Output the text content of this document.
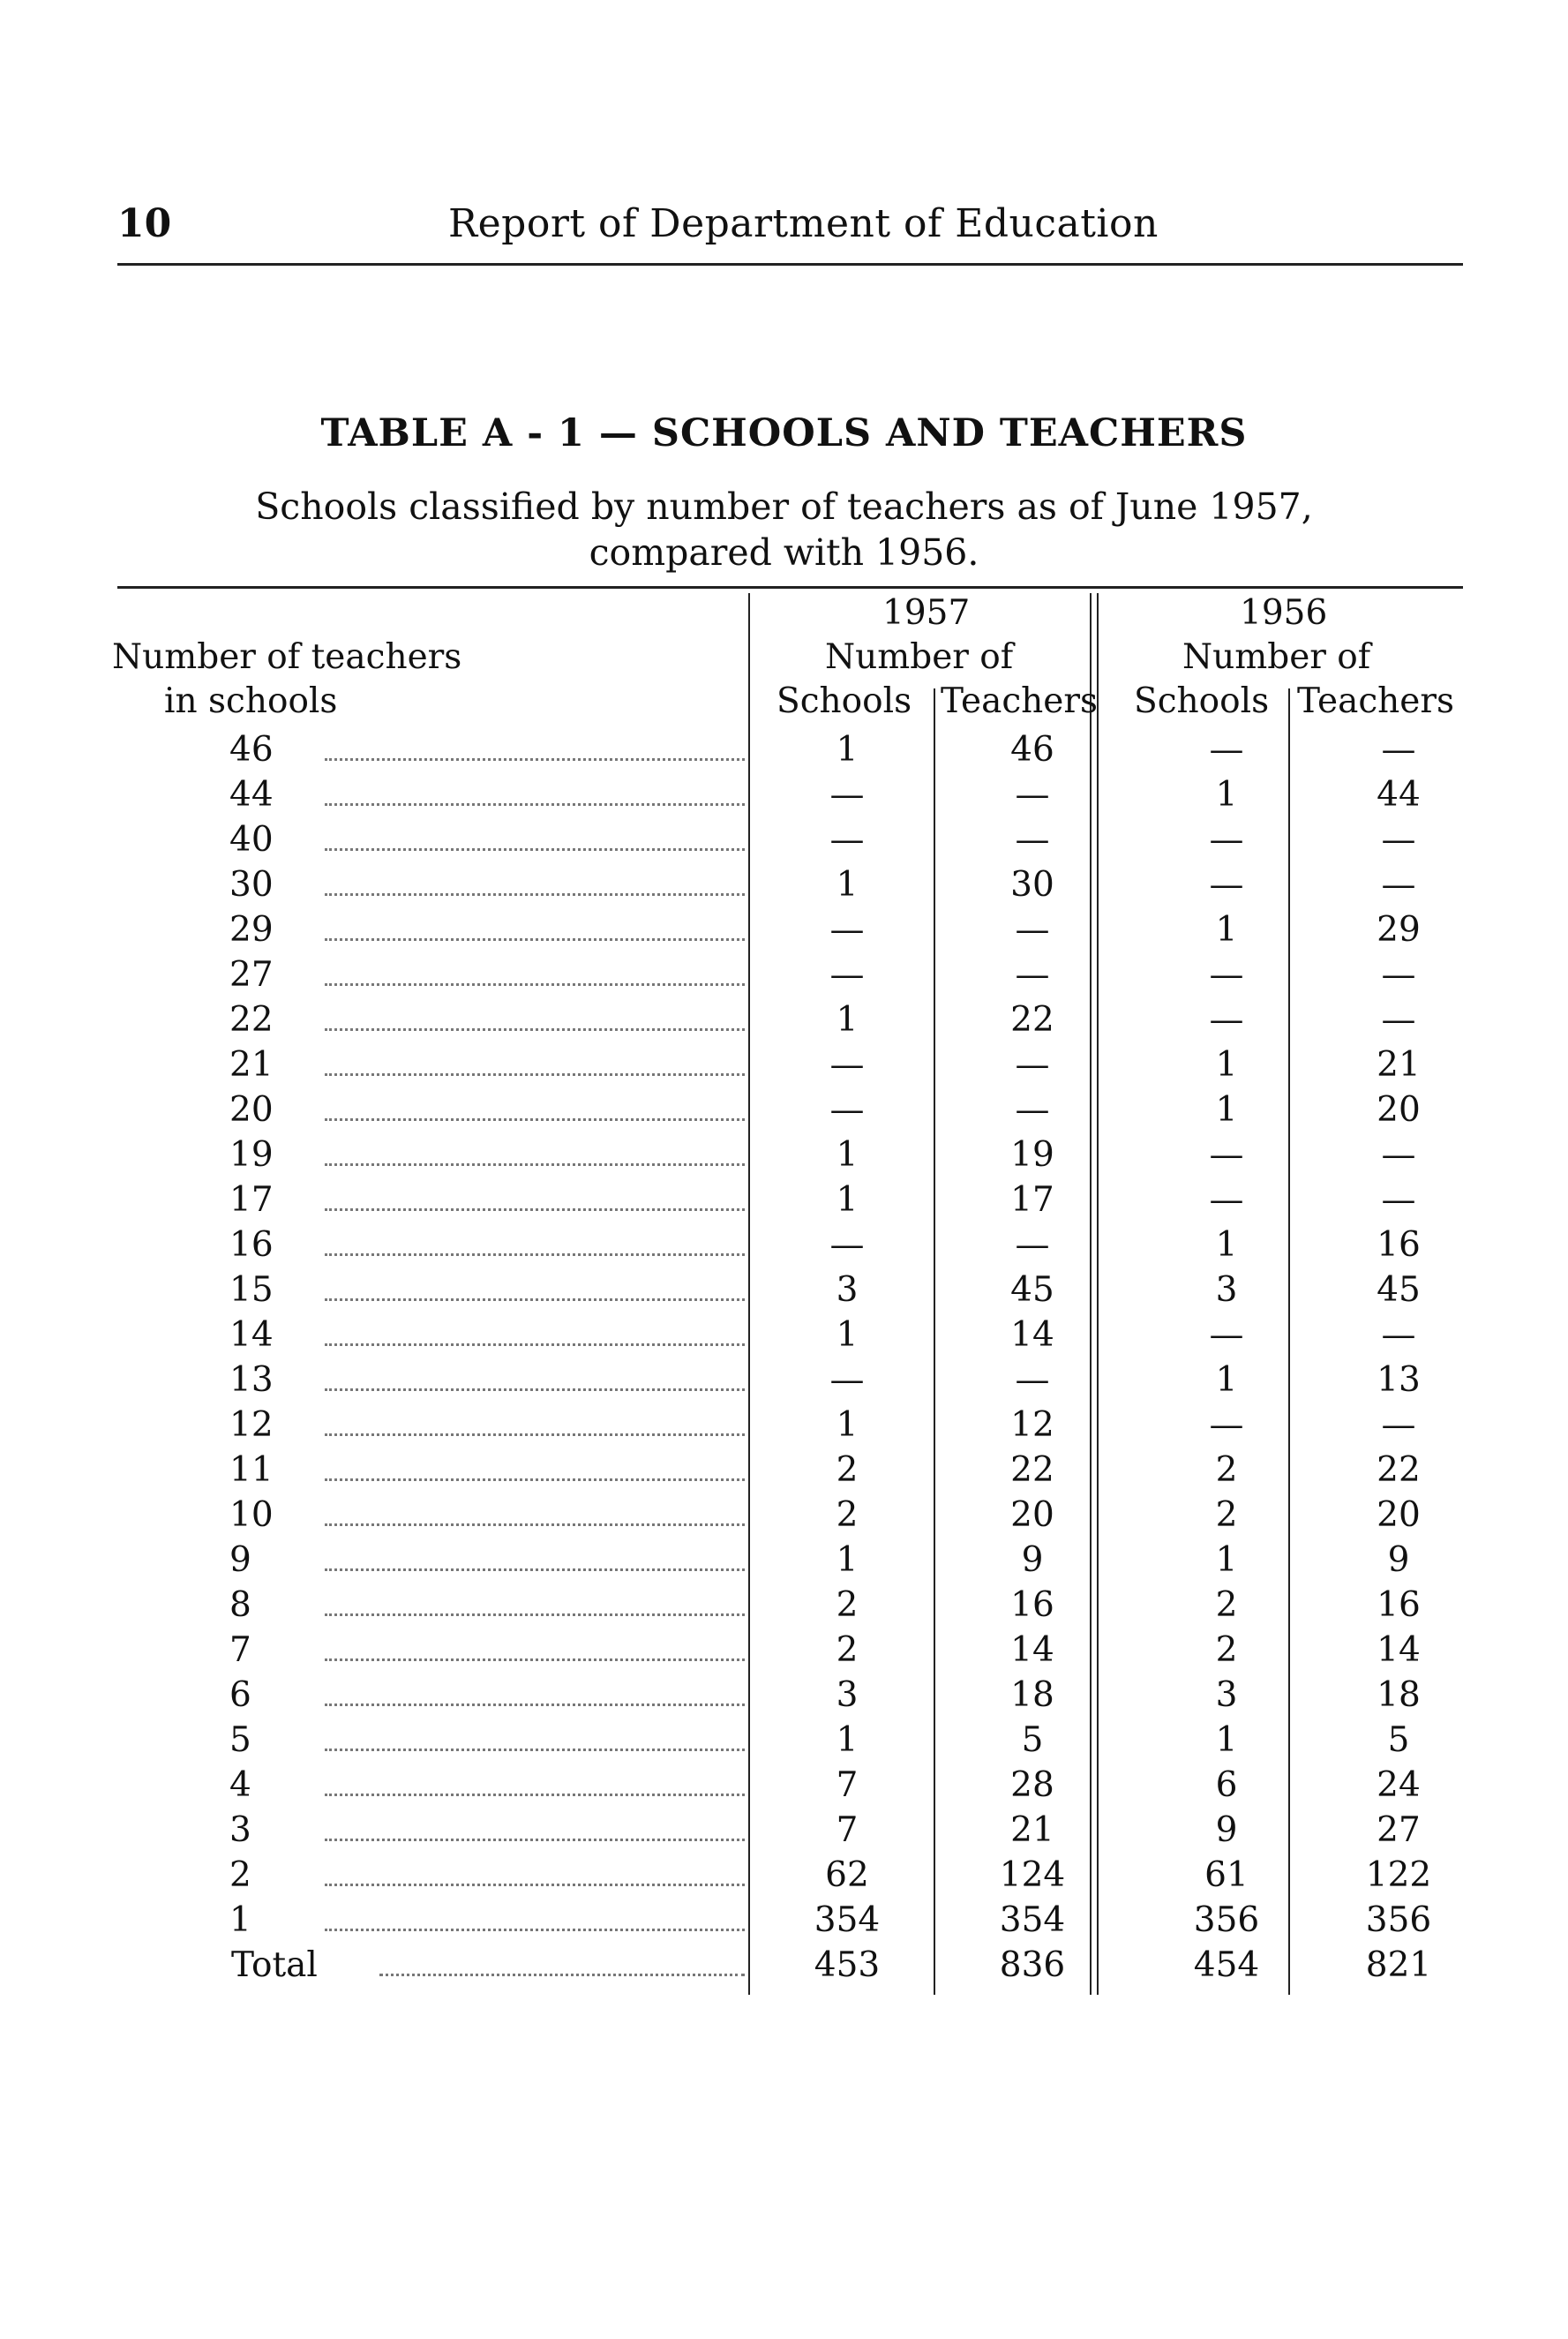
10	Report of Department of Education
TABLE A - 1 — SCHOOLS AND TEACHERS
Schools classified by number of teachers as of June 1957,
compared with 1956.
Number of teachers
in schools
1957
Number of
Schools Teachers
1956
Number of
Schools Teachers
46	1	46	—	—
44	—	—	1	44
40	—	—	—	—
30	1	30	—	—
29	—	—	1	29
27	—	—	—	—
22	1	22	—	—
21	—	—	1	21
20	—	—	1	20
19	1	19	—	—
17	1	17	—	—
16	—	—	1	16
15	3	45	3	45
14	1	14	—	—
13	—	—	1	13
12	1	12	—	—
11	2	22	2	22
10	2	20	2	20
9	1	9	1	9
8	2	16	2	16
7	2	14	2	14
6	3	18	3	18
5	1	5	1	5
4	7	28	6	24
3	7	21	9	27
2	62	124	61	122
1	354	354	356	356
Total	453	836	454	821
